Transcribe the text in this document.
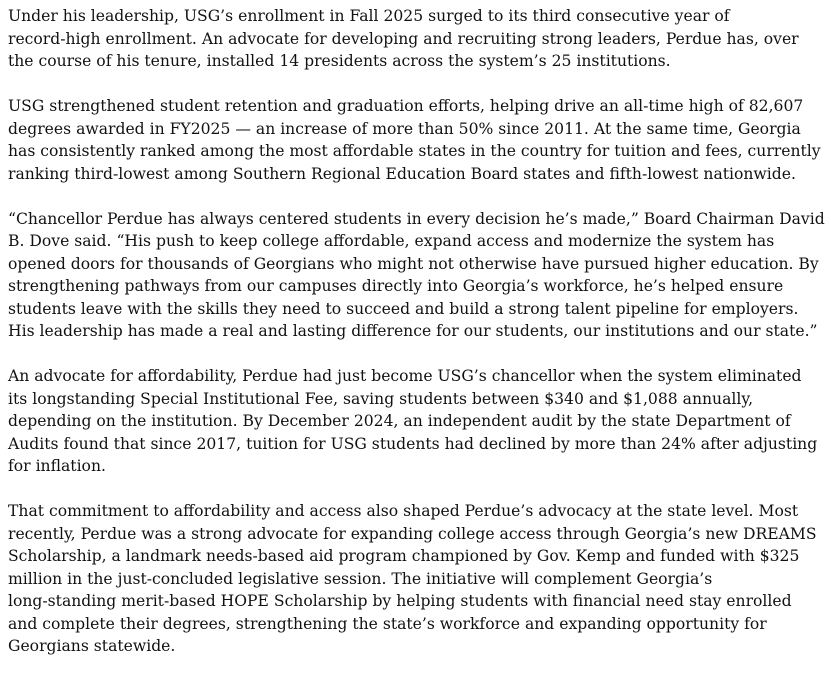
Under his leadership, USG’s enrollment in Fall 2025 surged to its third consecutive year of
record-high enrollment. An advocate for developing and recruiting strong leaders, Perdue has, over
the course of his tenure, installed 14 presidents across the system’s 25 institutions.

USG strengthened student retention and graduation efforts, helping drive an all-time high of 82,607
degrees awarded in FY2025 — an increase of more than 50% since 2011. At the same time, Georgia
has consistently ranked among the most affordable states in the country for tuition and fees, currently
ranking third-lowest among Southern Regional Education Board states and fifth-lowest nationwide.

“Chancellor Perdue has always centered students in every decision he’s made,” Board Chairman David
B. Dove said. “His push to keep college affordable, expand access and modernize the system has
opened doors for thousands of Georgians who might not otherwise have pursued higher education. By
strengthening pathways from our campuses directly into Georgia’s workforce, he’s helped ensure
students leave with the skills they need to succeed and build a strong talent pipeline for employers.
His leadership has made a real and lasting difference for our students, our institutions and our state.”

An advocate for affordability, Perdue had just become USG’s chancellor when the system eliminated
its longstanding Special Institutional Fee, saving students between $340 and $1,088 annually,
depending on the institution. By December 2024, an independent audit by the state Department of
Audits found that since 2017, tuition for USG students had declined by more than 24% after adjusting
for inflation.

That commitment to affordability and access also shaped Perdue’s advocacy at the state level. Most
recently, Perdue was a strong advocate for expanding college access through Georgia’s new DREAMS
Scholarship, a landmark needs-based aid program championed by Gov. Kemp and funded with $325
million in the just-concluded legislative session. The initiative will complement Georgia’s
long-standing merit-based HOPE Scholarship by helping students with financial need stay enrolled
and complete their degrees, strengthening the state’s workforce and expanding opportunity for
Georgians statewide.
